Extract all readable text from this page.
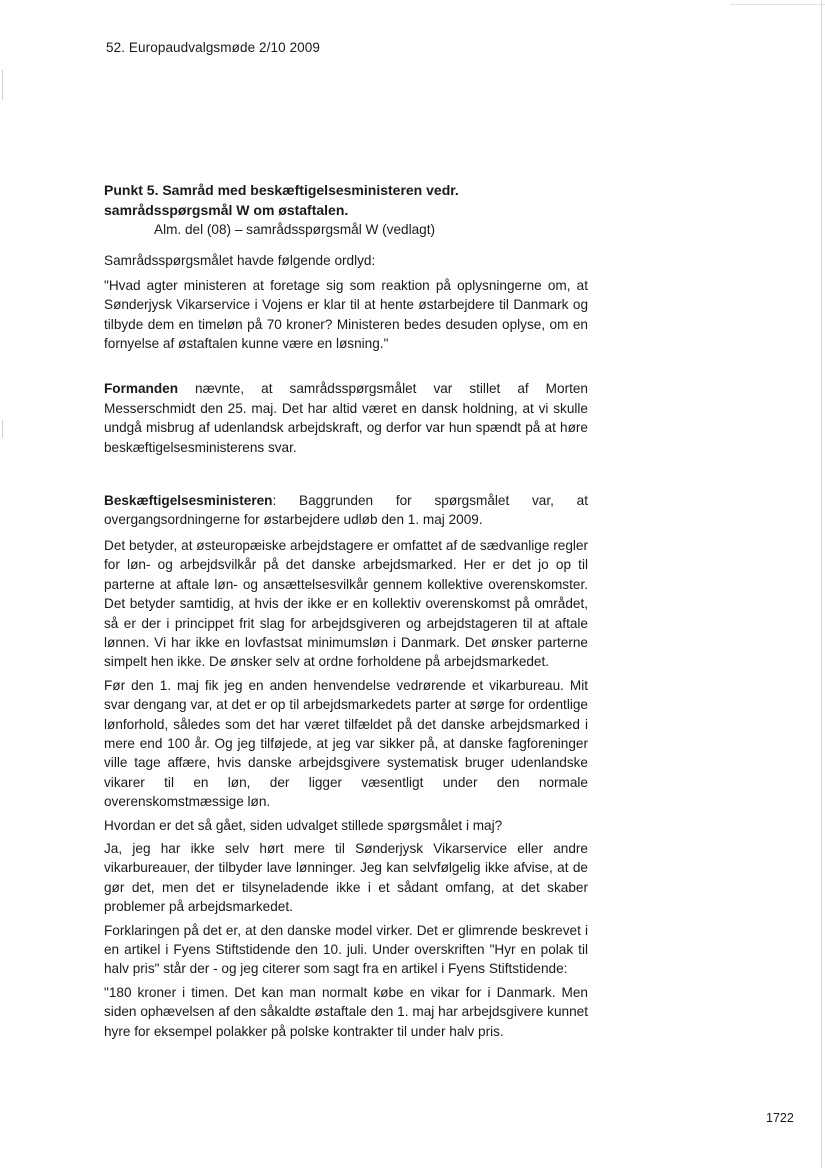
52. Europaudvalgsmøde 2/10 2009

Punkt 5. Samråd med beskæftigelsesministeren vedr.

samrådsspørgsmål W om østaftalen.

Alm. del (08) – samrådsspørgsmål W (vedlagt)

Samrådsspørgsmålet havde følgende ordlyd:

"Hvad agter ministeren at foretage sig som reaktion på oplysningerne om, at Sønderjysk Vikarservice i Vojens er klar til at hente østarbejdere til Danmark og tilbyde dem en timeløn på 70 kroner? Ministeren bedes desuden oplyse, om en fornyelse af østaftalen kunne være en løsning."

Formanden nævnte, at samrådsspørgsmålet var stillet af Morten Messerschmidt den 25. maj. Det har altid været en dansk holdning, at vi skulle undgå misbrug af udenlandsk arbejdskraft, og derfor var hun spændt på at høre beskæftigelsesministerens svar.

Beskæftigelsesministeren: Baggrunden for spørgsmålet var, at overgangsordningerne for østarbejdere udløb den 1. maj 2009.

Det betyder, at østeuropæiske arbejdstagere er omfattet af de sædvanlige regler for løn- og arbejdsvilkår på det danske arbejdsmarked. Her er det jo op til parterne at aftale løn- og ansættelsesvilkår gennem kollektive overenskomster. Det betyder samtidig, at hvis der ikke er en kollektiv overenskomst på området, så er der i princippet frit slag for arbejdsgiveren og arbejdstageren til at aftale lønnen. Vi har ikke en lovfastsat minimumsløn i Danmark. Det ønsker parterne simpelt hen ikke. De ønsker selv at ordne forholdene på arbejdsmarkedet.

Før den 1. maj fik jeg en anden henvendelse vedrørende et vikarbureau. Mit svar dengang var, at det er op til arbejdsmarkedets parter at sørge for ordentlige lønforhold, således som det har været tilfældet på det danske arbejdsmarked i mere end 100 år. Og jeg tilføjede, at jeg var sikker på, at danske fagforeninger ville tage affære, hvis danske arbejdsgivere systematisk bruger udenlandske vikarer til en løn, der ligger væsentligt under den normale overenskomstmæssige løn.

Hvordan er det så gået, siden udvalget stillede spørgsmålet i maj?

Ja, jeg har ikke selv hørt mere til Sønderjysk Vikarservice eller andre vikarbureauer, der tilbyder lave lønninger. Jeg kan selvfølgelig ikke afvise, at de gør det, men det er tilsyneladende ikke i et sådant omfang, at det skaber problemer på arbejdsmarkedet.

Forklaringen på det er, at den danske model virker. Det er glimrende beskrevet i en artikel i Fyens Stiftstidende den 10. juli. Under overskriften "Hyr en polak til halv pris" står der - og jeg citerer som sagt fra en artikel i Fyens Stiftstidende:

"180 kroner i timen. Det kan man normalt købe en vikar for i Danmark. Men siden ophævelsen af den såkaldte østaftale den 1. maj har arbejdsgivere kunnet hyre for eksempel polakker på polske kontrakter til under halv pris.

1722
